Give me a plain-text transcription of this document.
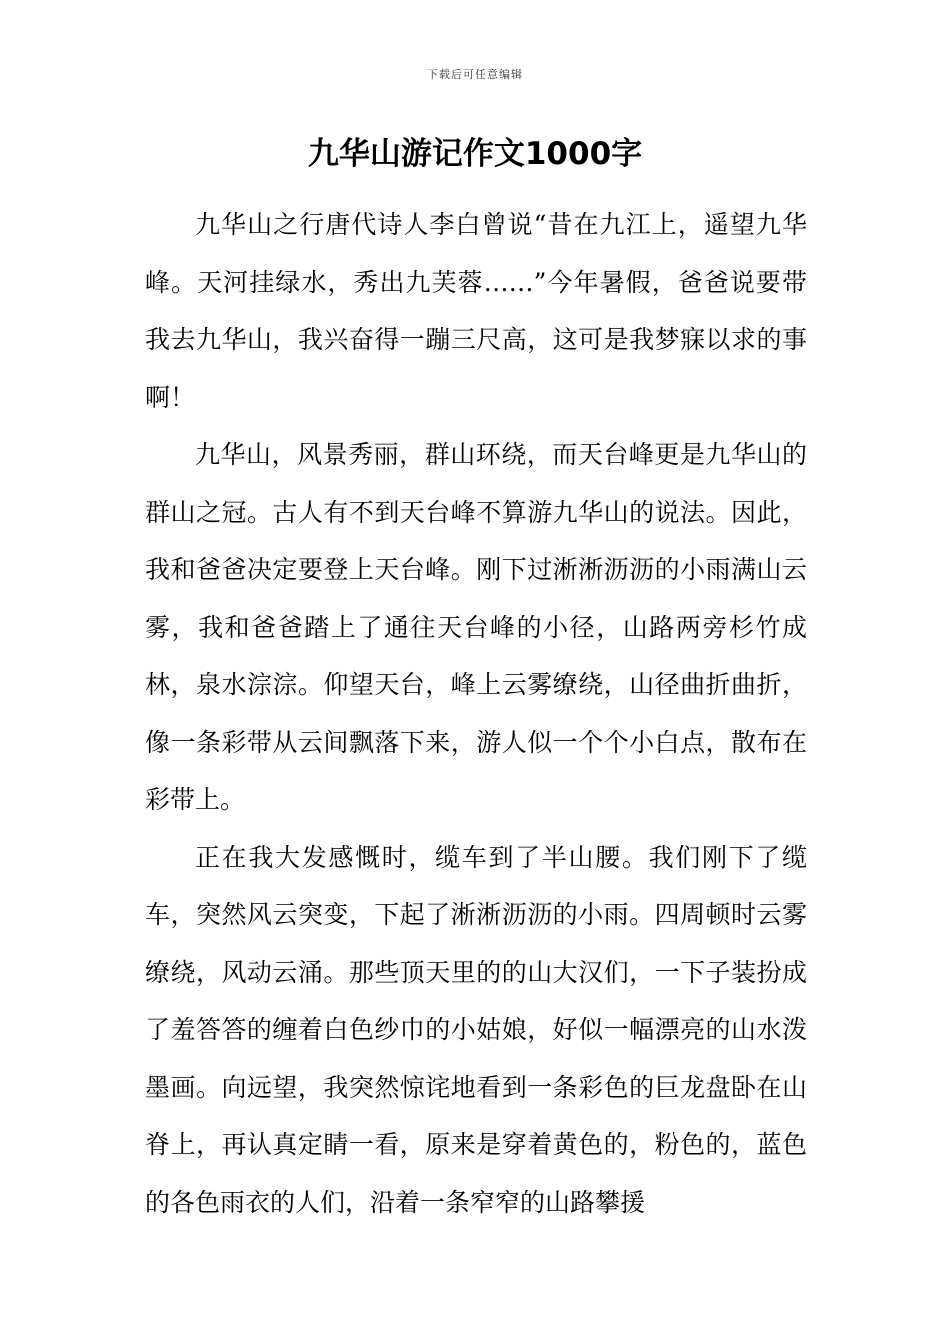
下载后可任意编辑
九华山游记作文1000字

九华山之行唐代诗人李白曾说“昔在九江上，遥望九华峰。天河挂绿水，秀出九芙蓉……”今年暑假，爸爸说要带我去九华山，我兴奋得一蹦三尺高，这可是我梦寐以求的事啊！

九华山，风景秀丽，群山环绕，而天台峰更是九华山的群山之冠。古人有不到天台峰不算游九华山的说法。因此，我和爸爸决定要登上天台峰。刚下过淅淅沥沥的小雨满山云雾，我和爸爸踏上了通往天台峰的小径，山路两旁杉竹成林，泉水淙淙。仰望天台，峰上云雾缭绕，山径曲折曲折，像一条彩带从云间飘落下来，游人似一个个小白点，散布在彩带上。

正在我大发感慨时，缆车到了半山腰。我们刚下了缆车，突然风云突变，下起了淅淅沥沥的小雨。四周顿时云雾缭绕，风动云涌。那些顶天里的的山大汉们，一下子装扮成了羞答答的缠着白色纱巾的小姑娘，好似一幅漂亮的山水泼墨画。向远望，我突然惊诧地看到一条彩色的巨龙盘卧在山脊上，再认真定睛一看，原来是穿着黄色的，粉色的，蓝色的各色雨衣的人们，沿着一条窄窄的山路攀援
